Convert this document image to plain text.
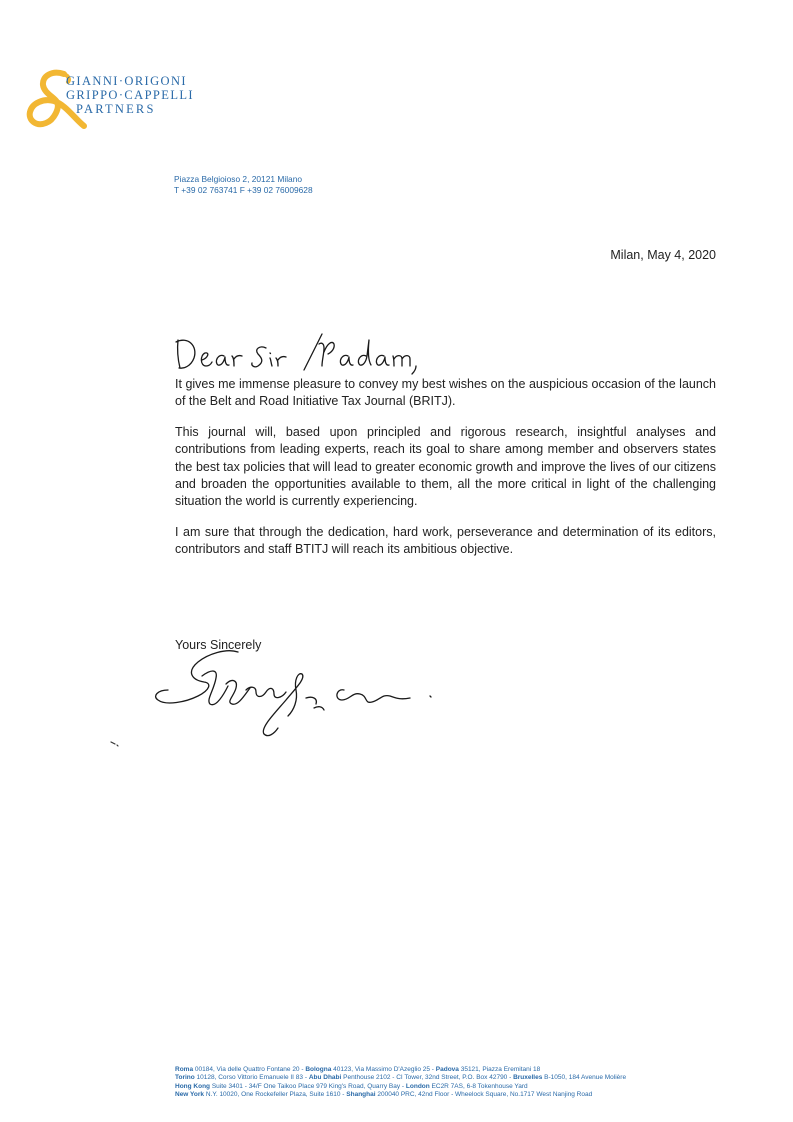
GIANNI·ORIGONI
GRIPPO·CAPPELLI
PARTNERS
Piazza Belgioioso 2, 20121 Milano
T +39 02 763741 F +39 02 76009628
Milan, May 4, 2020

It gives me immense pleasure to convey my best wishes on the auspicious occasion of the launch of the Belt and Road Initiative Tax Journal (BRITJ).

This journal will, based upon principled and rigorous research, insightful analyses and contributions from leading experts, reach its goal to share among member and observers states the best tax policies that will lead to greater economic growth and improve the lives of our citizens and broaden the opportunities available to them, all the more critical in light of the challenging situation the world is currently experiencing.

I am sure that through the dedication, hard work, perseverance and determination of its editors, contributors and staff BTITJ will reach its ambitious objective.

Yours Sincerely
Roma 00184, Via delle Quattro Fontane 20 - Bologna 40123, Via Massimo D'Azeglio 25 - Padova 35121, Piazza Eremitani 18
Torino 10128, Corso Vittorio Emanuele II 83 - Abu Dhabi Penthouse 2102 - CI Tower, 32nd Street, P.O. Box 42790 - Bruxelles B-1050, 184 Avenue Molière
Hong Kong Suite 3401 - 34/F One Taikoo Place 979 King's Road, Quarry Bay - London EC2R 7AS, 6-8 Tokenhouse Yard
New York N.Y. 10020, One Rockefeller Plaza, Suite 1610 - Shanghai 200040 PRC, 42nd Floor - Wheelock Square, No.1717 West Nanjing Road
